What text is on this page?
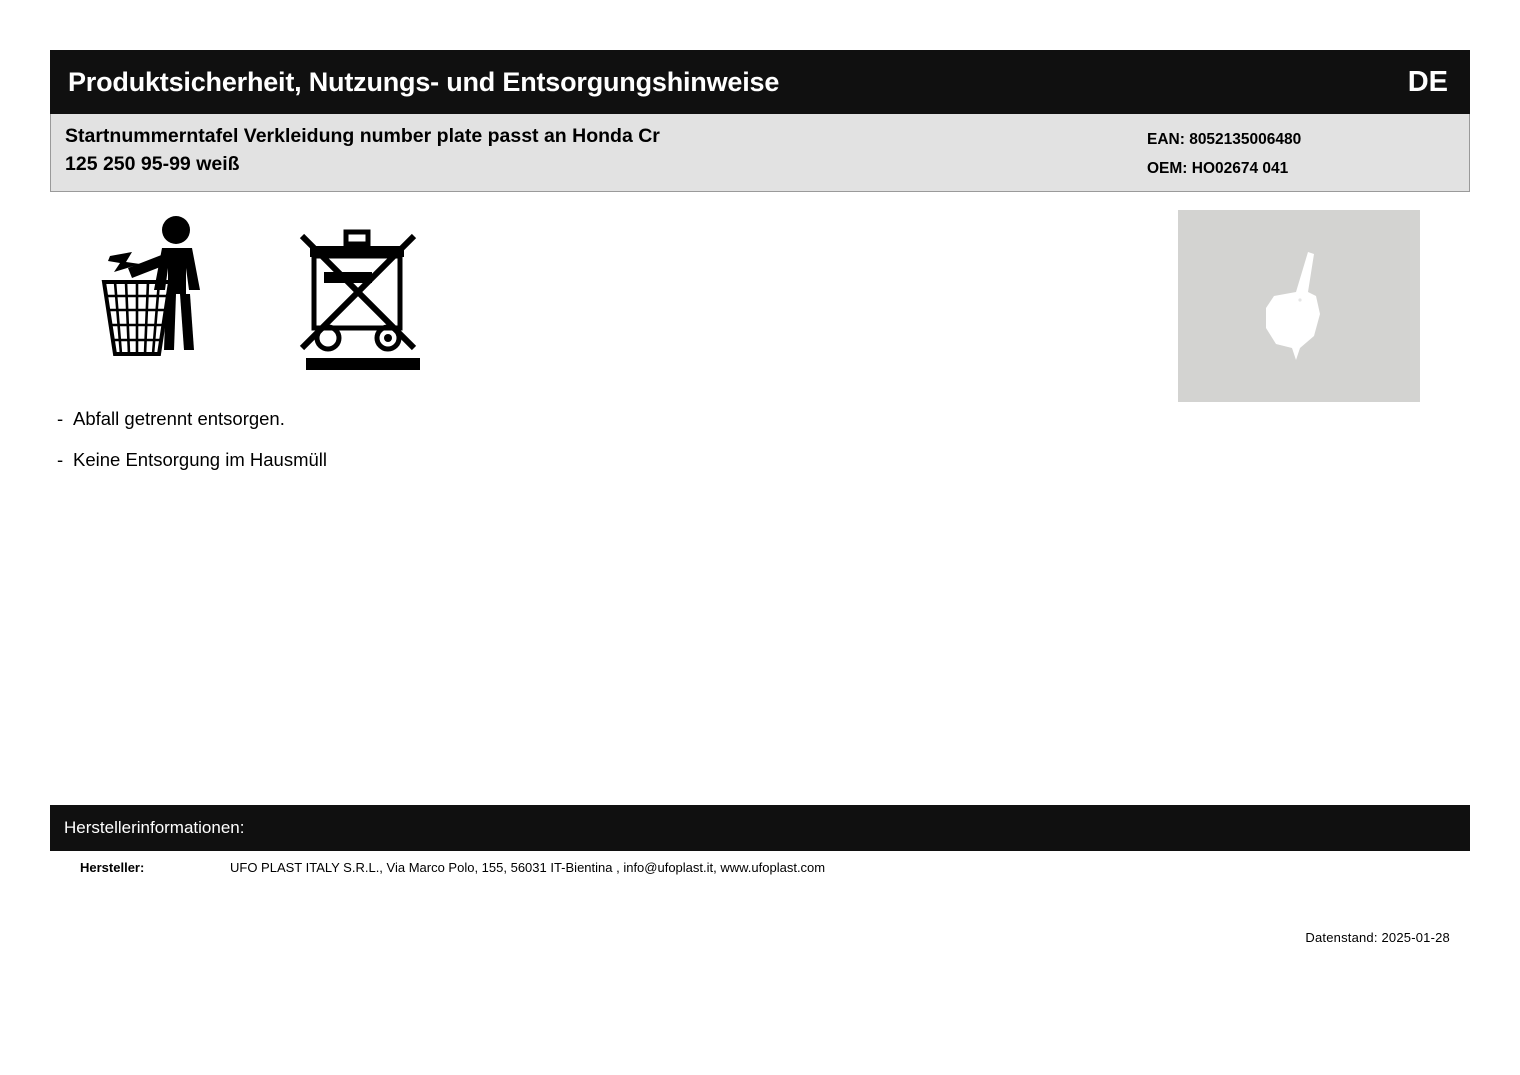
Produktsicherheit, Nutzungs- und Entsorgungshinweise	DE
Startnummerntafel Verkleidung number plate passt an Honda Cr
125 250 95-99 weiß
EAN: 8052135006480
OEM: HO02674 041
- Abfall getrennt entsorgen.
- Keine Entsorgung im Hausmüll
Herstellerinformationen:
Hersteller:	UFO PLAST ITALY S.R.L., Via Marco Polo, 155, 56031 IT-Bientina , info@ufoplast.it, www.ufoplast.com
Datenstand: 2025-01-28
